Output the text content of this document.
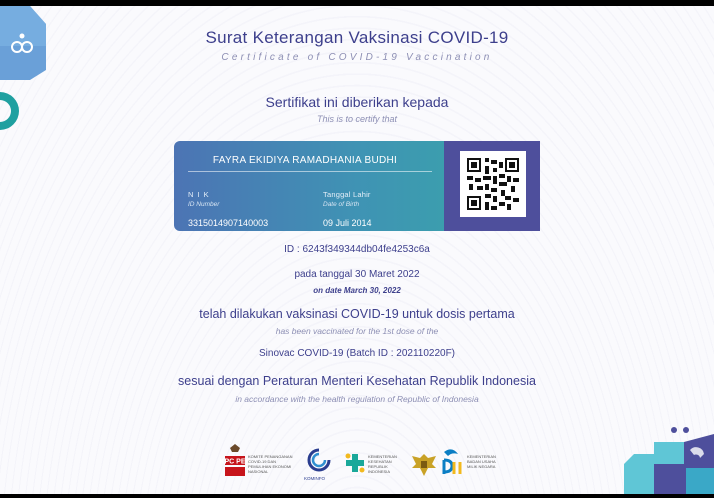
Surat Keterangan Vaksinasi COVID-19
Certificate of COVID-19 Vaccination
Sertifikat ini diberikan kepada
This is to certify that
FAYRA EKIDIYA RAMADHANIA BUDHI
N I K
ID Number
3315014907140003
Tanggal Lahir
Date of Birth
09 Juli 2014
ID : 6243f349344db04fe4253c6a
pada tanggal 30 Maret 2022
on date March 30, 2022
telah dilakukan vaksinasi COVID-19 untuk dosis pertama
has been vaccinated for the 1st dose of the
Sinovac COVID-19 (Batch ID : 202110220F)
sesuai dengan Peraturan Menteri Kesehatan Republik Indonesia
in accordance with the health regulation of Republic of Indonesia
KPC PEN
KOMITE PENANGANAN COVID-19 DAN PEMULIHAN EKONOMI NASIONAL
KOMINFO
KEMENTERIAN KESEHATAN REPUBLIK INDONESIA
KEMENTERIAN BADAN USAHA MILIK NEGARA
